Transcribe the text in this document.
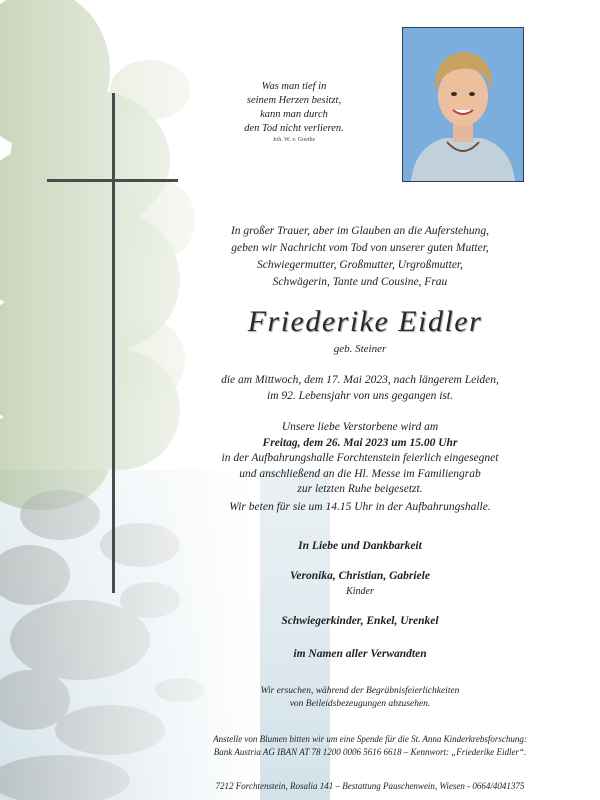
Was man tief in
seinem Herzen besitzt,
kann man durch
den Tod nicht verlieren.
Joh. W. v. Goethe
In großer Trauer, aber im Glauben an die Auferstehung,
geben wir Nachricht vom Tod von unserer guten Mutter,
Schwiegermutter, Großmutter, Urgroßmutter,
Schwägerin, Tante und Cousine, Frau
Friederike Eidler
geb. Steiner
die am Mittwoch, dem 17. Mai 2023, nach längerem Leiden,
im 92. Lebensjahr von uns gegangen ist.
Unsere liebe Verstorbene wird am
Freitag, dem 26. Mai 2023 um 15.00 Uhr
in der Aufbahrungshalle Forchtenstein feierlich eingesegnet
und anschließend an die Hl. Messe im Familiengrab
zur letzten Ruhe beigesetzt.
Wir beten für sie um 14.15 Uhr in der Aufbahrungshalle.
In Liebe und Dankbarkeit
Veronika, Christian, Gabriele
Kinder
Schwiegerkinder, Enkel, Urenkel
im Namen aller Verwandten
Wir ersuchen, während der Begräbnisfeierlichkeiten
von Beileidsbezeugungen abzusehen.
Anstelle von Blumen bitten wir um eine Spende für die St. Anna Kinderkrebsforschung:
Bank Austria AG IBAN AT 78 1200 0006 5616 6618 – Kennwort: „Friederike Eidler“.
7212 Forchtenstein, Rosalia 141 – Bestattung Pauschenwein, Wiesen - 0664/4041375
